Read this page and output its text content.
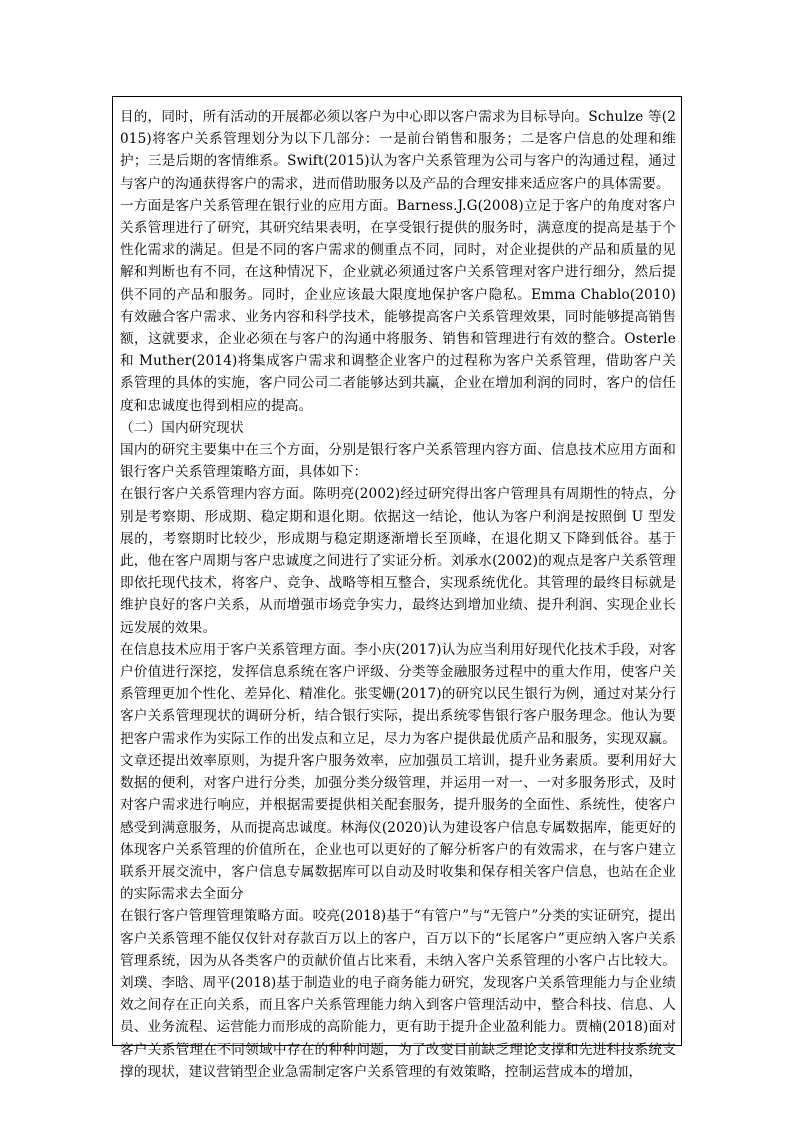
目的，同时，所有活动的开展都必须以客户为中心即以客户需求为目标导向。Schulze 等(2015)将客户关系管理划分为以下几部分：一是前台销售和服务；二是客户信息的处理和维护；三是后期的客情维系。Swift(2015)认为客户关系管理为公司与客户的沟通过程，通过与客户的沟通获得客户的需求，进而借助服务以及产品的合理安排来适应客户的具体需要。

一方面是客户关系管理在银行业的应用方面。Barness.J.G(2008)立足于客户的角度对客户关系管理进行了研究，其研究结果表明，在享受银行提供的服务时，满意度的提高是基于个性化需求的满足。但是不同的客户需求的侧重点不同，同时，对企业提供的产品和质量的见解和判断也有不同，在这种情况下，企业就必须通过客户关系管理对客户进行细分，然后提供不同的产品和服务。同时，企业应该最大限度地保护客户隐私。Emma Chablo(2010)有效融合客户需求、业务内容和科学技术，能够提高客户关系管理效果，同时能够提高销售额，这就要求，企业必须在与客户的沟通中将服务、销售和管理进行有效的整合。Osterle 和 Muther(2014)将集成客户需求和调整企业客户的过程称为客户关系管理，借助客户关系管理的具体的实施，客户同公司二者能够达到共赢，企业在增加利润的同时，客户的信任度和忠诚度也得到相应的提高。

（二）国内研究现状

国内的研究主要集中在三个方面，分别是银行客户关系管理内容方面、信息技术应用方面和银行客户关系管理策略方面，具体如下：

在银行客户关系管理内容方面。陈明亮(2002)经过研究得出客户管理具有周期性的特点，分别是考察期、形成期、稳定期和退化期。依据这一结论，他认为客户利润是按照倒 U 型发展的，考察期时比较少，形成期与稳定期逐渐增长至顶峰，在退化期又下降到低谷。基于此，他在客户周期与客户忠诚度之间进行了实证分析。刘承水(2002)的观点是客户关系管理即依托现代技术，将客户、竞争、战略等相互整合，实现系统优化。其管理的最终目标就是维护良好的客户关系，从而增强市场竞争实力，最终达到增加业绩、提升利润、实现企业长远发展的效果。

在信息技术应用于客户关系管理方面。李小庆(2017)认为应当利用好现代化技术手段，对客户价值进行深挖，发挥信息系统在客户评级、分类等金融服务过程中的重大作用，使客户关系管理更加个性化、差异化、精准化。张雯姗(2017)的研究以民生银行为例，通过对某分行客户关系管理现状的调研分析，结合银行实际，提出系统零售银行客户服务理念。他认为要把客户需求作为实际工作的出发点和立足，尽力为客户提供最优质产品和服务，实现双赢。文章还提出效率原则，为提升客户服务效率，应加强员工培训，提升业务素质。要利用好大数据的便利，对客户进行分类，加强分类分级管理，并运用一对一、一对多服务形式，及时对客户需求进行响应，并根据需要提供相关配套服务，提升服务的全面性、系统性，使客户感受到满意服务，从而提高忠诚度。林海仪(2020)认为建设客户信息专属数据库，能更好的体现客户关系管理的价值所在，企业也可以更好的了解分析客户的有效需求，在与客户建立联系开展交流中，客户信息专属数据库可以自动及时收集和保存相关客户信息，也站在企业的实际需求去全面分

在银行客户管理管理策略方面。咬亮(2018)基于“有管户”与“无管户”分类的实证研究，提出客户关系管理不能仅仅针对存款百万以上的客户，百万以下的“长尾客户”更应纳入客户关系管理系统，因为从各类客户的贡献价值占比来看，未纳入客户关系管理的小客户占比较大。刘璞、李晗、周平(2018)基于制造业的电子商务能力研究，发现客户关系管理能力与企业绩效之间存在正向关系，而且客户关系管理能力纳入到客户管理活动中，整合科技、信息、人员、业务流程、运营能力而形成的高阶能力，更有助于提升企业盈利能力。贾楠(2018)面对客户关系管理在不同领域中存在的种种问题，为了改变目前缺乏理论支撑和先进科技系统支撑的现状，建议营销型企业急需制定客户关系管理的有效策略，控制运营成本的增加，
